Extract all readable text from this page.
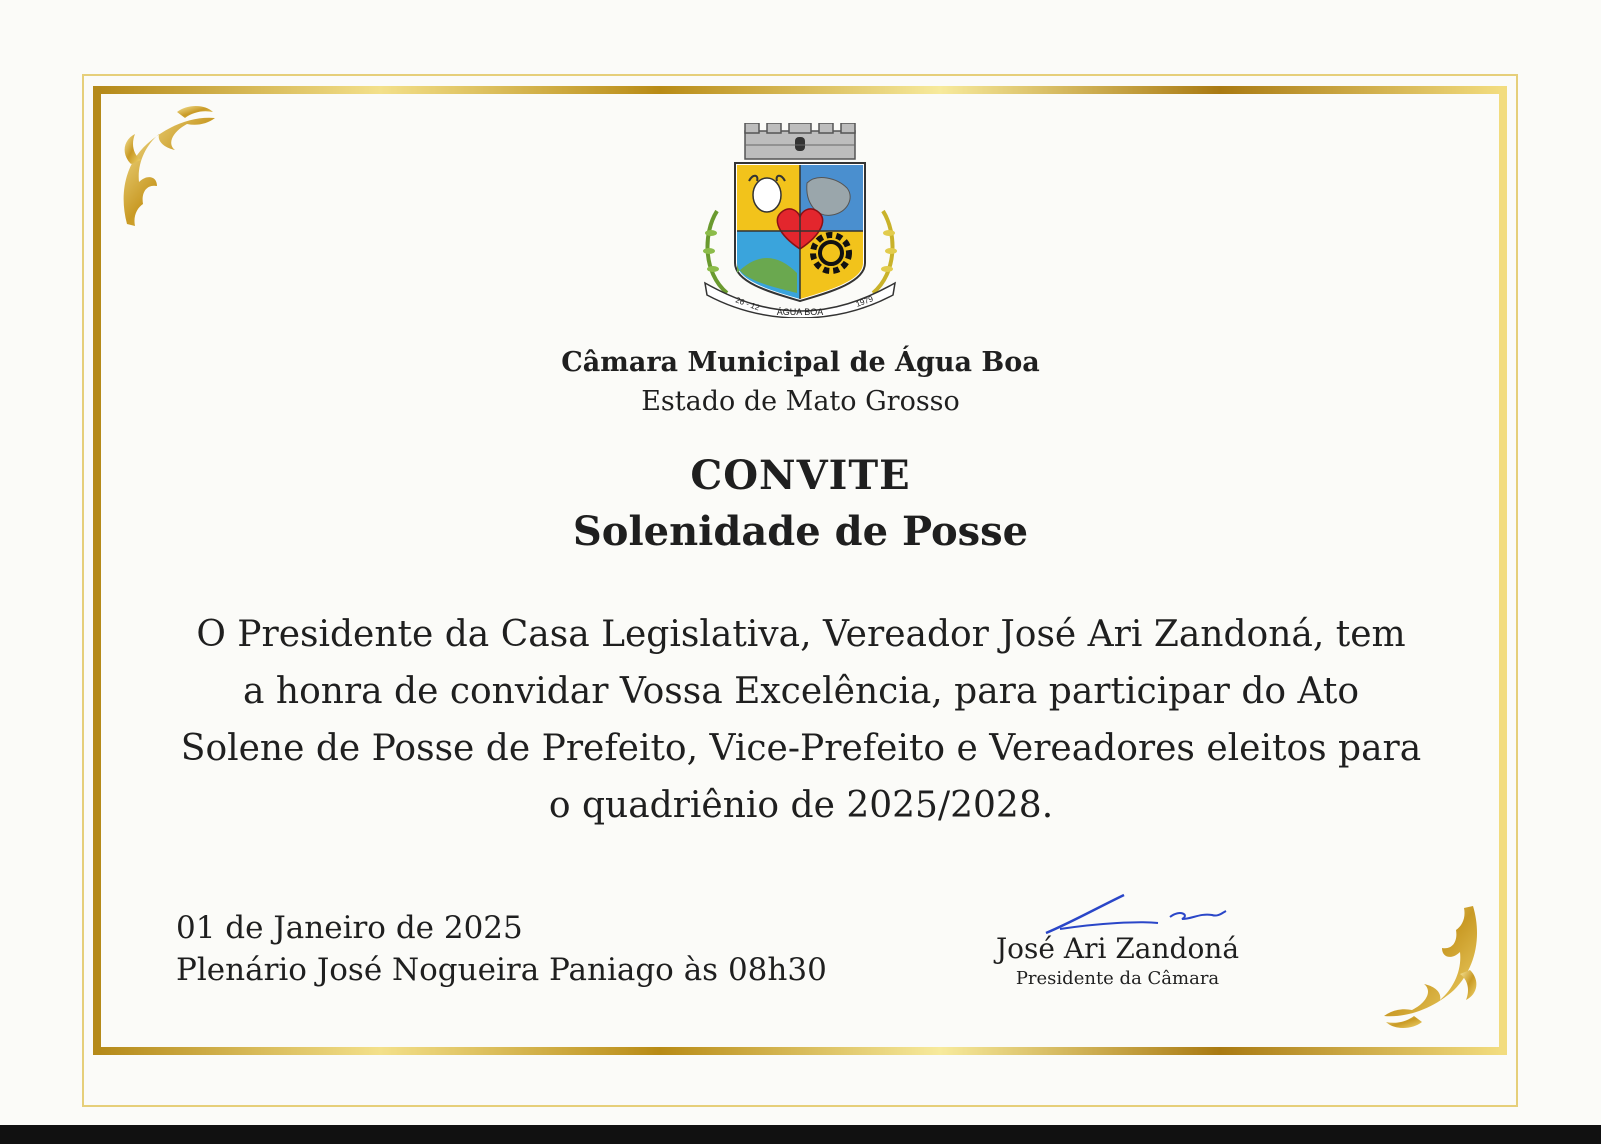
26 - 12 ÁGUA BOA
1979
Câmara Municipal de Água Boa
Estado de Mato Grosso
CONVITE
Solenidade de Posse
O Presidente da Casa Legislativa, Vereador José Ari Zandoná, tem a honra de convidar Vossa Excelência, para participar do Ato Solene de Posse de Prefeito, Vice-Prefeito e Vereadores eleitos para o quadriênio de 2025/2028.
01 de Janeiro de 2025
Plenário José Nogueira Paniago às 08h30
José Ari Zandoná
Presidente da Câmara
